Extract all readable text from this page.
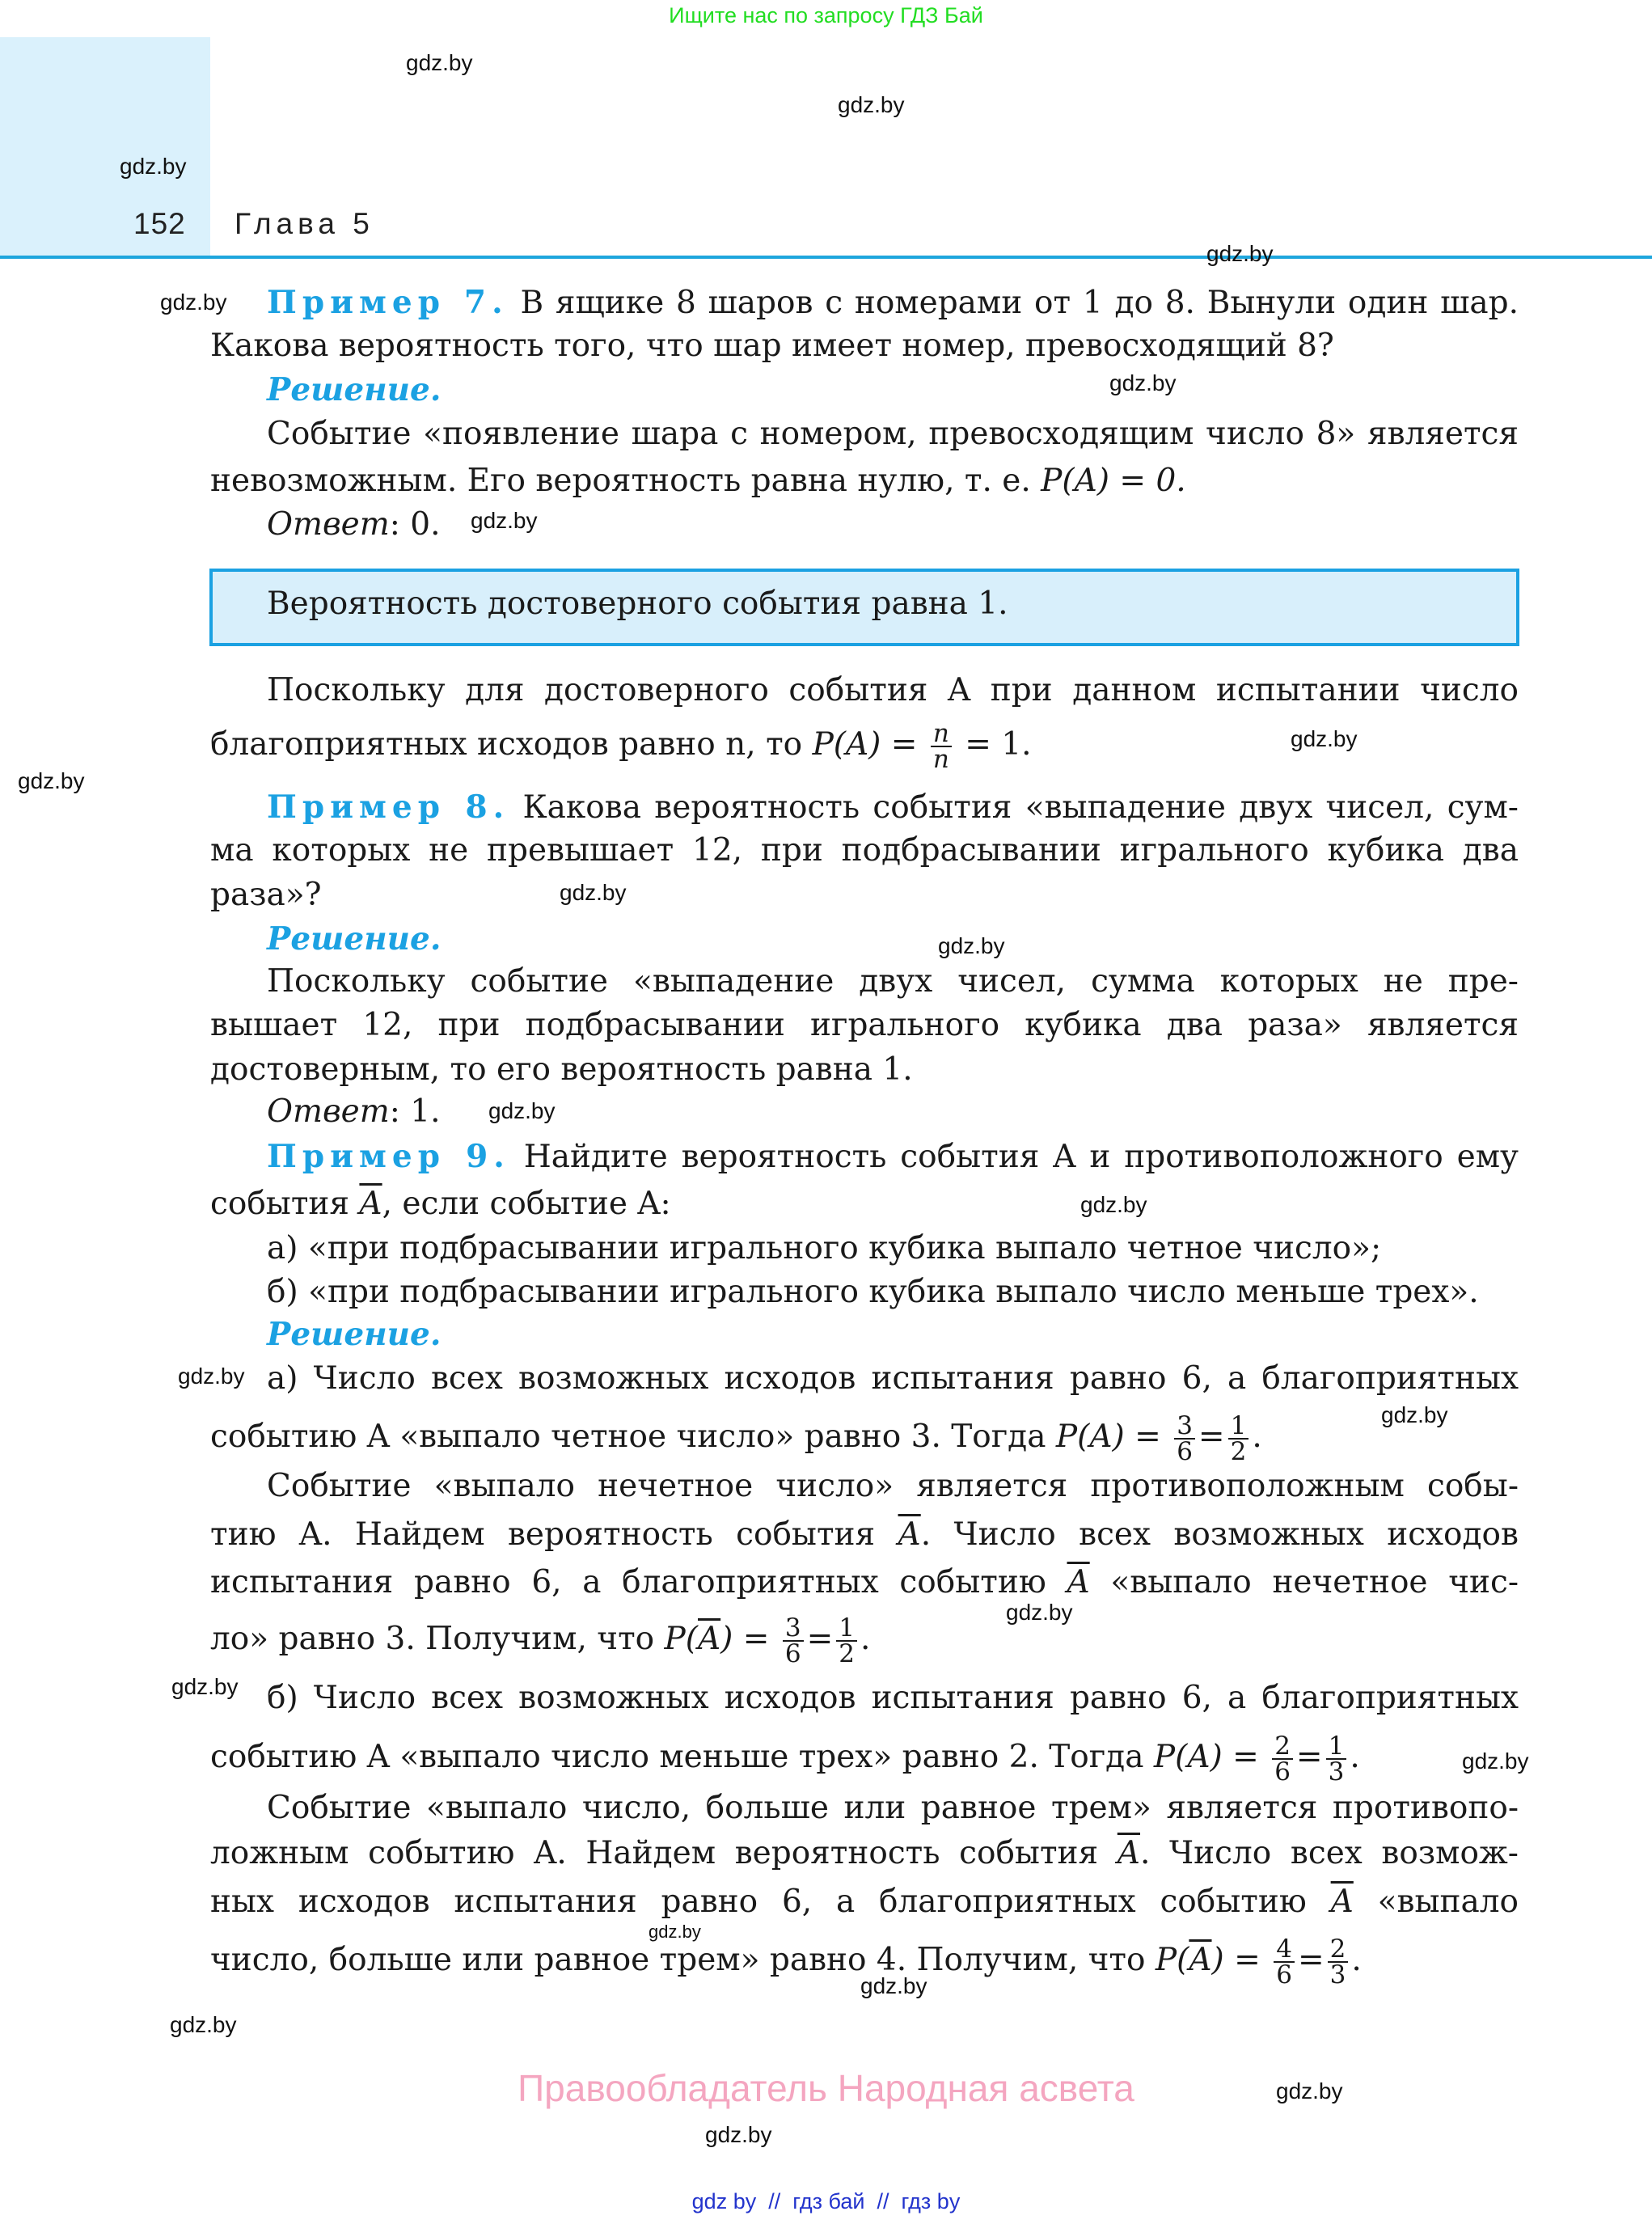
Ищите нас по запросу ГДЗ Бай
152 Глава 5
gdz.by
gdz.by
gdz.by
gdz.by
gdz.by
gdz.by
gdz.by
gdz.by
gdz.by
gdz.by
gdz.by
gdz.by
gdz.by
gdz.by
gdz.by
gdz.by
gdz.by
gdz.by
gdz.by
gdz.by
gdz.by
gdz.by
gdz.by
Пример 7. В ящике 8 шаров с номерами от 1 до 8. Вынули один шар.
Какова вероятность того, что шар имеет номер, превосходящий 8?
Решение.
Событие «появление шара с номером, превосходящим число 8» является
невозможным. Его вероятность равна нулю, т. е. P(A) = 0.
Ответ: 0.
Вероятность достоверного события равна 1.
Поскольку для достоверного события A при данном испытании число
благоприятных исходов равно n, то $P(A) = \frac{n}{n} = 1$.
Пример 8. Какова вероятность события «выпадение двух чисел, сум-
ма которых не превышает 12, при подбрасывании игрального кубика два
раза»?
Решение.
Поскольку событие «выпадение двух чисел, сумма которых не пре-
вышает 12, при подбрасывании игрального кубика два раза» является
достоверным, то его вероятность равна 1.
Ответ: 1.
Пример 9. Найдите вероятность события A и противоположного ему
события $\overline{A}$, если событие A:
а) «при подбрасывании игрального кубика выпало четное число»;
б) «при подбрасывании игрального кубика выпало число меньше трех».
Решение.
а) Число всех возможных исходов испытания равно 6, а благоприятных
событию A «выпало четное число» равно 3. Тогда $P(A) = \frac{3}{6} = \frac{1}{2}$ .
Событие «выпало нечетное число» является противоположным собы-
тию A. Найдем вероятность события $\overline{A}$. Число всех возможных исходов
испытания равно 6, а благоприятных событию $\overline{A}$ «выпало нечетное чис-
ло» равно 3. Получим, что $P(\overline{A}) = \frac{3}{6} = \frac{1}{2}$ .
б) Число всех возможных исходов испытания равно 6, а благоприятных
событию A «выпало число меньше трех» равно 2. Тогда $P(A) = \frac{2}{6} = \frac{1}{3}$ .
Событие «выпало число, больше или равное трем» является противопо-
ложным событию A. Найдем вероятность события $\overline{A}$. Число всех возмож-
ных исходов испытания равно 6, а благоприятных событию $\overline{A}$ «выпало
число, больше или равное трем» равно 4. Получим, что $P(\overline{A}) = \frac{4}{6} = \frac{2}{3}$ .
Правообладатель Народная асвета
gdz by // гдз бай // гдз by
